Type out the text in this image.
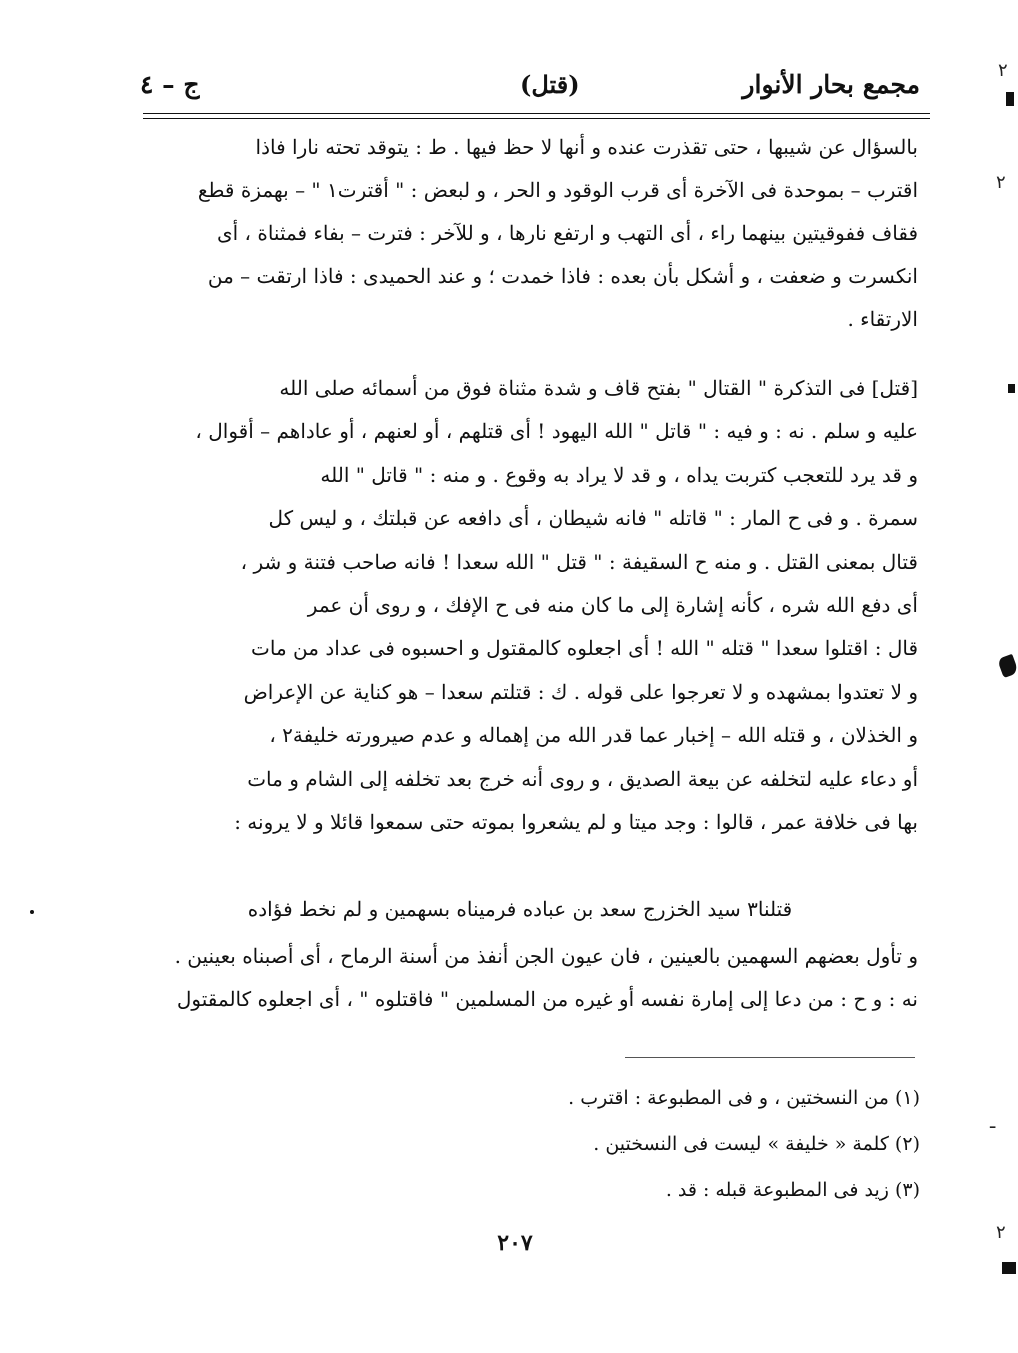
مجمع بحار الأنوار
(قتل)
ج – ٤
بالسؤال عن شيبها ، حتى تقذرت عنده و أنها لا حظ فيها . ط : يتوقد تحته نارا فاذا
اقترب – بموحدة فى الآخرة أى قرب الوقود و الحر ، و لبعض : " أقترت١ " – بهمزة قطع
فقاف ففوقيتين بينهما راء ، أى التهب و ارتفع نارها ، و للآخر : فترت – بفاء فمثناة ، أى
انكسرت و ضعفت ، و أشكل بأن بعده : فاذا خمدت ؛ و عند الحميدى : فاذا ارتقت – من
الارتقاء .
[قتل] فى التذكرة " القتال " بفتح قاف و شدة مثناة فوق من أسمائه صلى الله
عليه و سلم . نه : و فيه : " قاتل " الله اليهود ! أى قتلهم ، أو لعنهم ، أو عاداهم – أقوال ،
و قد يرد للتعجب كتربت يداه ، و قد لا يراد به وقوع . و منه : " قاتل " الله
سمرة . و فى ح المار : " قاتله " فانه شيطان ، أى دافعه عن قبلتك ، و ليس كل
قتال بمعنى القتل . و منه ح السقيفة : " قتل " الله سعدا ! فانه صاحب فتنة و شر ،
أى دفع الله شره ، كأنه إشارة إلى ما كان منه فى ح الإفك ، و روى أن عمر
قال : اقتلوا سعدا " قتله " الله ! أى اجعلوه كالمقتول و احسبوه فى عداد من مات
و لا تعتدوا بمشهده و لا تعرجوا على قوله . ك : قتلتم سعدا – هو كناية عن الإعراض
و الخذلان ، و قتله الله – إخبار عما قدر الله من إهماله و عدم صيرورته خليفة٢ ،
أو دعاء عليه لتخلفه عن بيعة الصديق ، و روى أنه خرج بعد تخلفه إلى الشام و مات
بها فى خلافة عمر ، قالوا : وجد ميتا و لم يشعروا بموته حتى سمعوا قائلا و لا يرونه :
قتلنا٣ سيد الخزرج سعد بن عباده فرميناه بسهمين و لم نخط فؤاده
و تأول بعضهم السهمين بالعينين ، فان عيون الجن أنفذ من أسنة الرماح ، أى أصبناه بعينين .
نه : و ح : من دعا إلى إمارة نفسه أو غيره من المسلمين " فاقتلوه " ، أى اجعلوه كالمقتول
(١) من النسختين ، و فى المطبوعة : اقترب .
(٢) كلمة « خليفة » ليست فى النسختين .
(٣) زيد فى المطبوعة قبله : قد .
٢٠٧
٢
٢
ـ
٢
